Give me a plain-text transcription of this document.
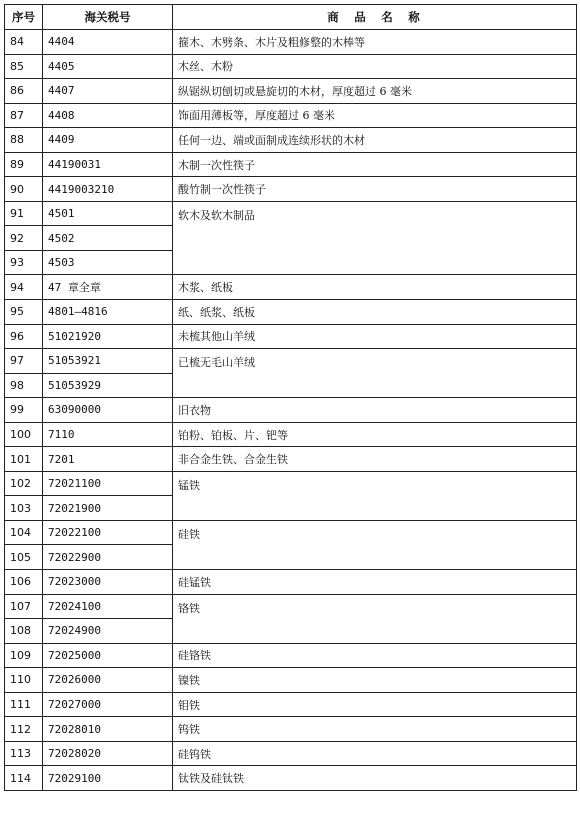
序号	海关税号	商　品　名　称
84	4404	箍木、木劈条、木片及粗修整的木棒等
85	4405	木丝、木粉
86	4407	纵锯纵切刨切或悬旋切的木材，厚度超过 6 毫米
87	4408	饰面用薄板等，厚度超过 6 毫米
88	4409	任何一边、端或面制成连续形状的木材
89	44190031	木制一次性筷子
90	4419003210	酸竹制一次性筷子
91	4501	软木及软木制品
92	4502	
93	4503	
94	47 章全章	木浆、纸板
95	4801—4816	纸、纸浆、纸板
96	51021920	未梳其他山羊绒
97	51053921	已梳无毛山羊绒
98	51053929	
99	63090000	旧衣物
100	7110	铂粉、铂板、片、钯等
101	7201	非合金生铁、合金生铁
102	72021100	锰铁
103	72021900	
104	72022100	硅铁
105	72022900	
106	72023000	硅锰铁
107	72024100	铬铁
108	72024900	
109	72025000	硅铬铁
110	72026000	镍铁
111	72027000	钼铁
112	72028010	钨铁
113	72028020	硅钨铁
114	72029100	钛铁及硅钛铁
